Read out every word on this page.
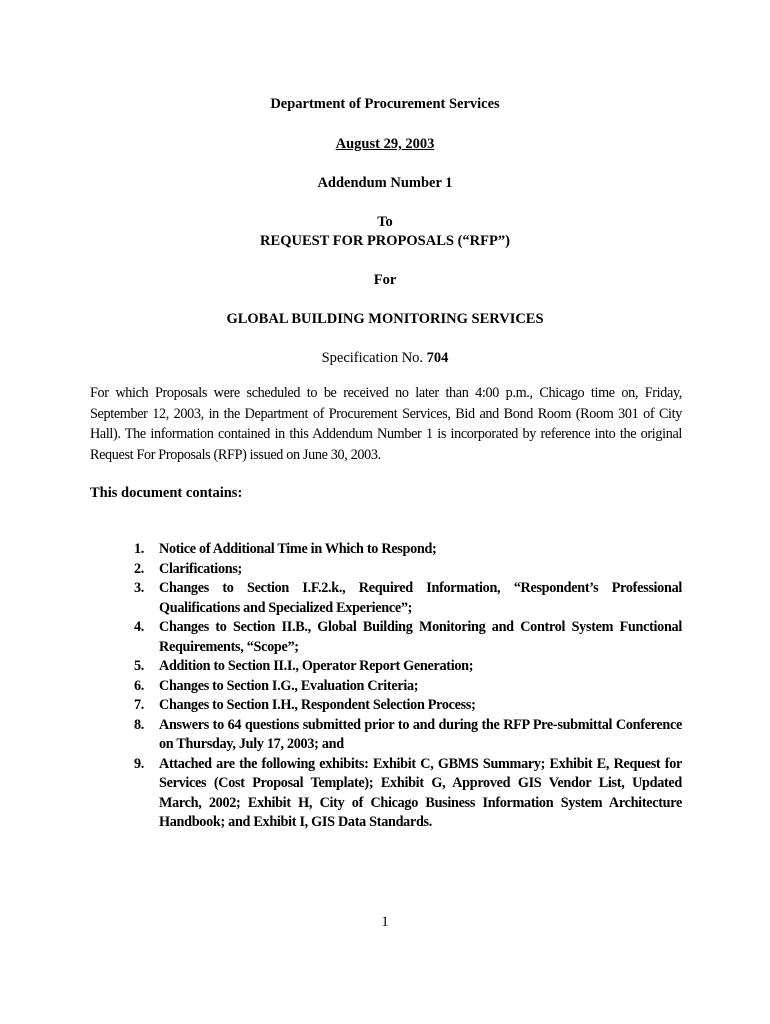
Department of Procurement Services
August 29, 2003
Addendum Number 1
To
REQUEST FOR PROPOSALS (“RFP”)
For
GLOBAL BUILDING MONITORING SERVICES
Specification No. 704
For which Proposals were scheduled to be received no later than 4:00 p.m., Chicago time on, Friday, September 12, 2003, in the Department of Procurement Services, Bid and Bond Room (Room 301 of City Hall). The information contained in this Addendum Number 1 is incorporated by reference into the original Request For Proposals (RFP) issued on June 30, 2003.
This document contains:
1. Notice of Additional Time in Which to Respond;
2. Clarifications;
3. Changes to Section I.F.2.k., Required Information, “Respondent’s Professional Qualifications and Specialized Experience”;
4. Changes to Section II.B., Global Building Monitoring and Control System Functional Requirements, “Scope”;
5. Addition to Section II.I., Operator Report Generation;
6. Changes to Section I.G., Evaluation Criteria;
7. Changes to Section I.H., Respondent Selection Process;
8. Answers to 64 questions submitted prior to and during the RFP Pre-submittal Conference on Thursday, July 17, 2003; and
9. Attached are the following exhibits: Exhibit C, GBMS Summary; Exhibit E, Request for Services (Cost Proposal Template); Exhibit G, Approved GIS Vendor List, Updated March, 2002; Exhibit H, City of Chicago Business Information System Architecture Handbook; and Exhibit I, GIS Data Standards.
1
